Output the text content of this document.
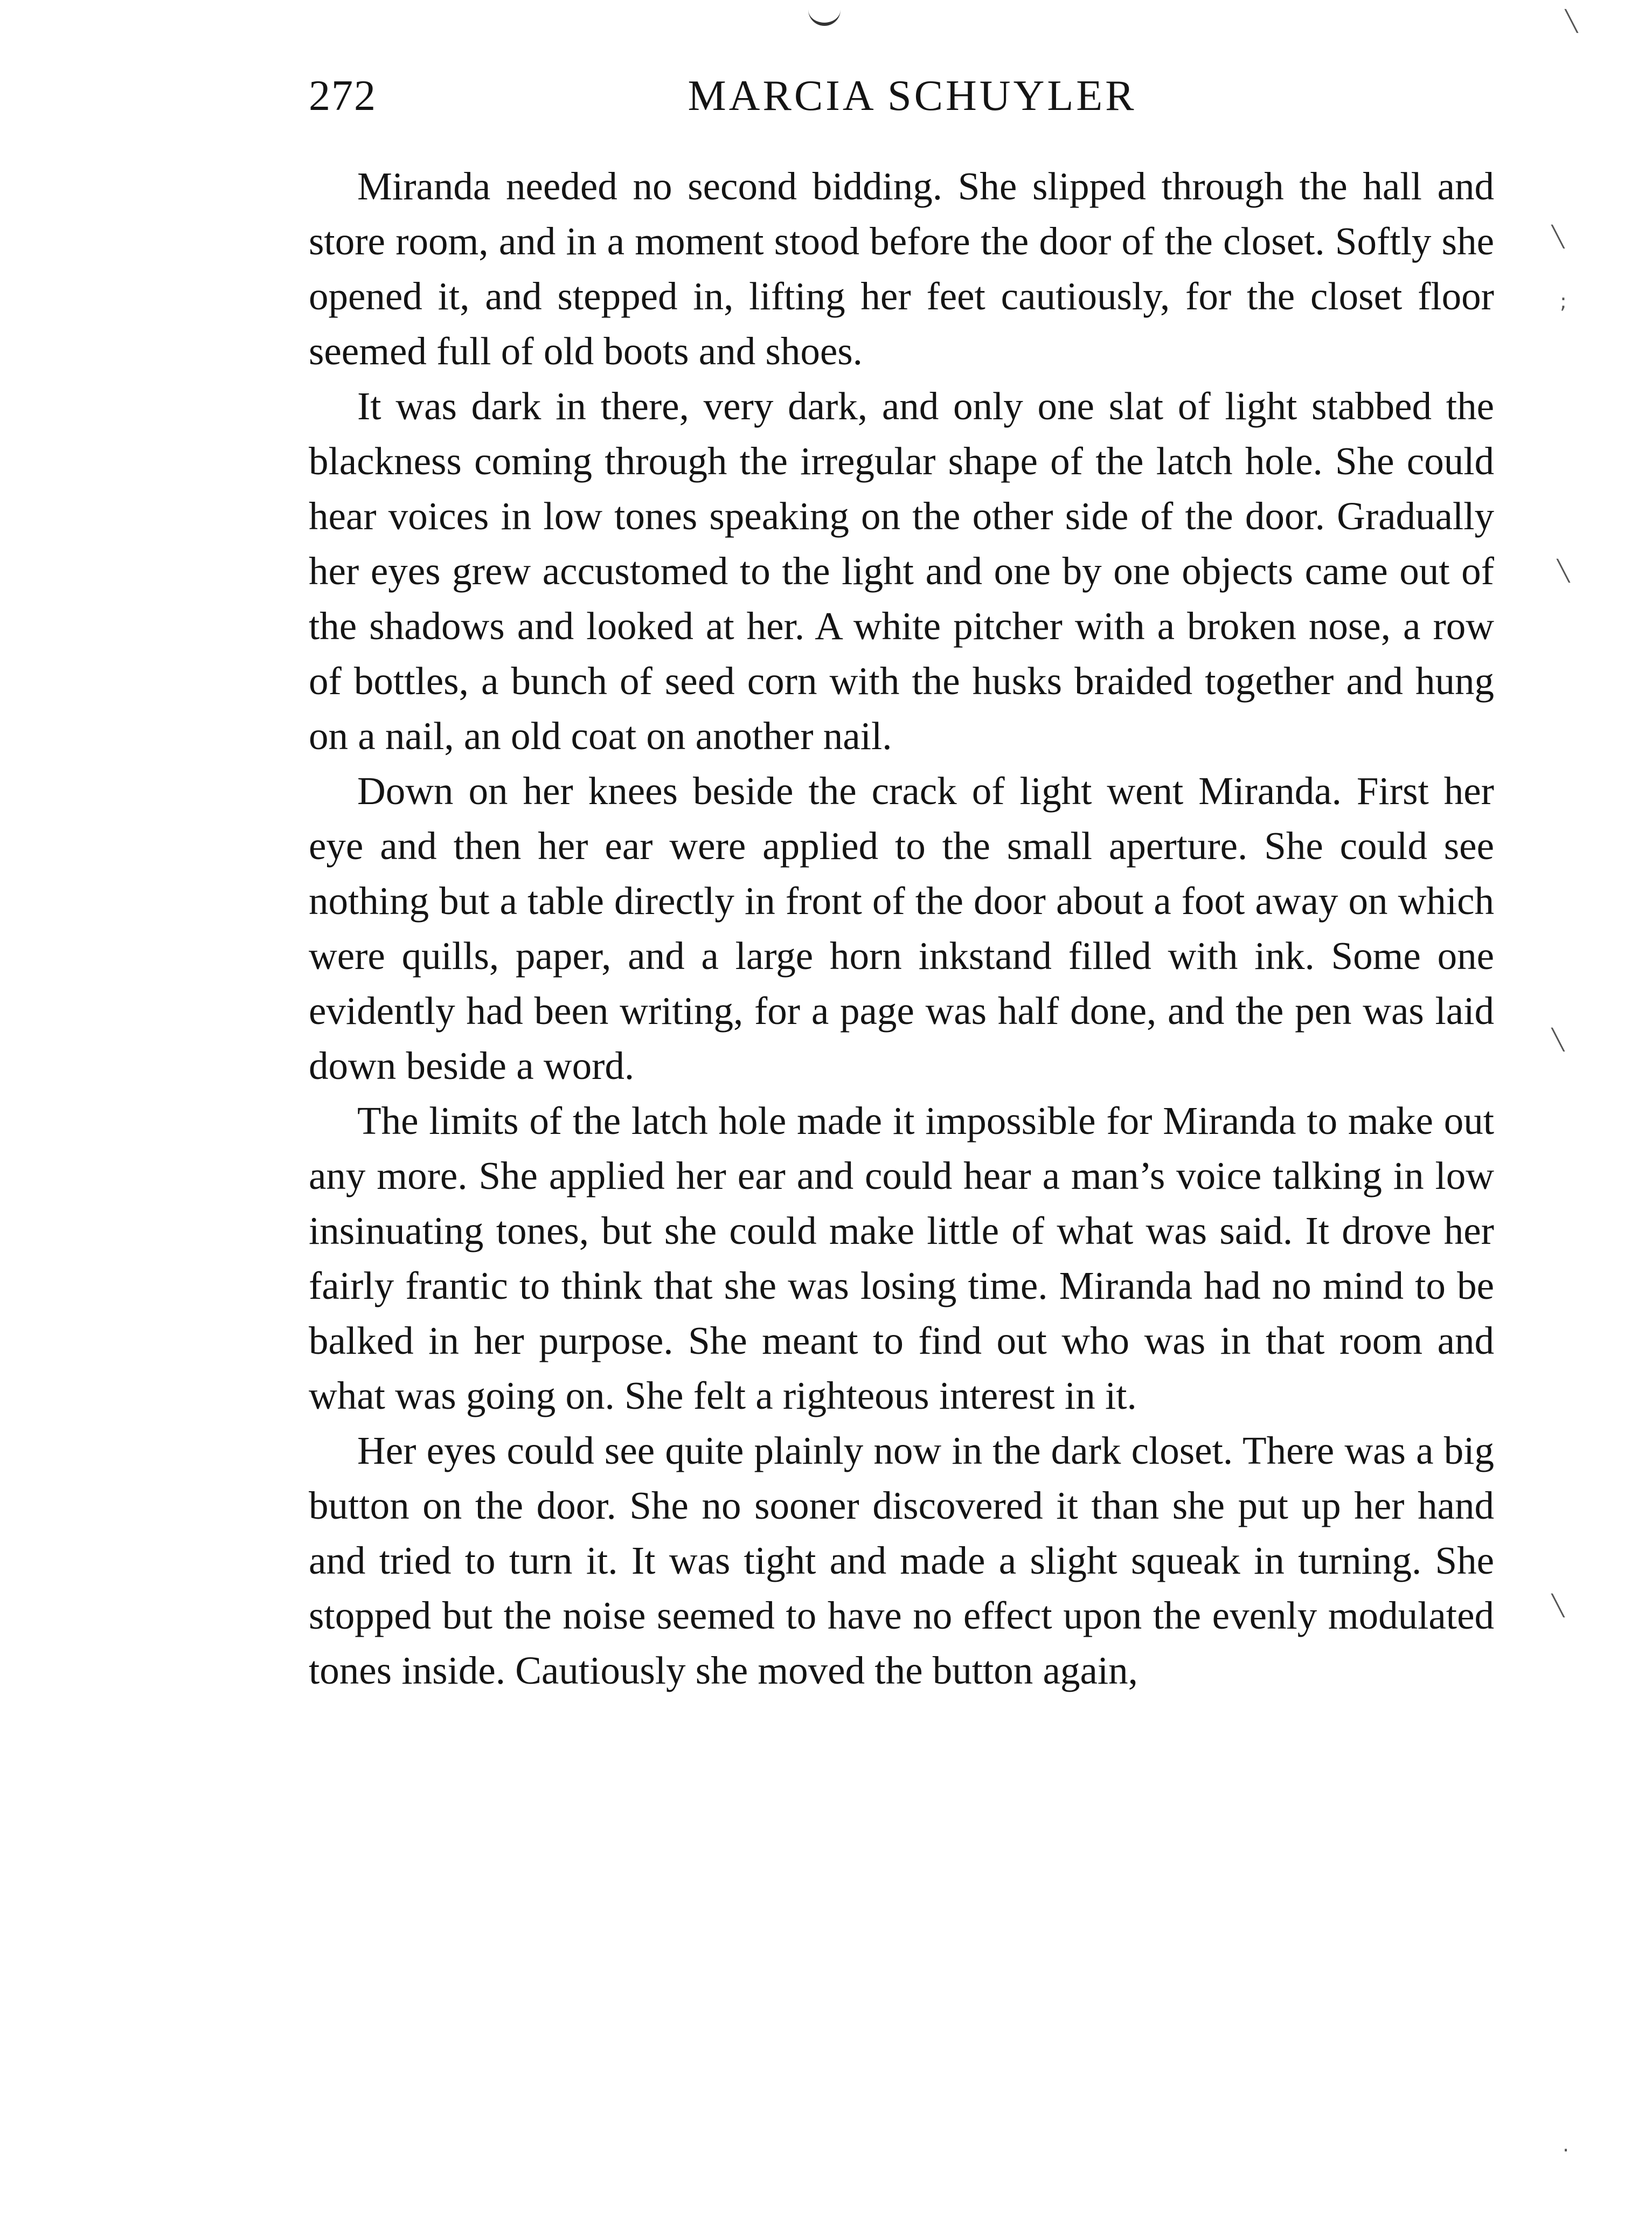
272	MARCIA SCHUYLER

Miranda needed no second bidding. She slipped through the hall and store room, and in a moment stood before the door of the closet. Softly she opened it, and stepped in, lifting her feet cautiously, for the closet floor seemed full of old boots and shoes.

It was dark in there, very dark, and only one slat of light stabbed the blackness coming through the irregular shape of the latch hole. She could hear voices in low tones speaking on the other side of the door. Gradually her eyes grew accustomed to the light and one by one objects came out of the shadows and looked at her. A white pitcher with a broken nose, a row of bottles, a bunch of seed corn with the husks braided together and hung on a nail, an old coat on another nail.

Down on her knees beside the crack of light went Miranda. First her eye and then her ear were applied to the small aperture. She could see nothing but a table directly in front of the door about a foot away on which were quills, paper, and a large horn inkstand filled with ink. Some one evidently had been writing, for a page was half done, and the pen was laid down beside a word.

The limits of the latch hole made it impossible for Miranda to make out any more. She applied her ear and could hear a man’s voice talking in low insinuating tones, but she could make little of what was said. It drove her fairly frantic to think that she was losing time. Miranda had no mind to be balked in her purpose. She meant to find out who was in that room and what was going on. She felt a righteous interest in it.

Her eyes could see quite plainly now in the dark closet. There was a big button on the door. She no sooner discovered it than she put up her hand and tried to turn it. It was tight and made a slight squeak in turning. She stopped but the noise seemed to have no effect upon the evenly modulated tones inside. Cautiously she moved the button again,

╲
╲
;
╲
╲
╲
.
